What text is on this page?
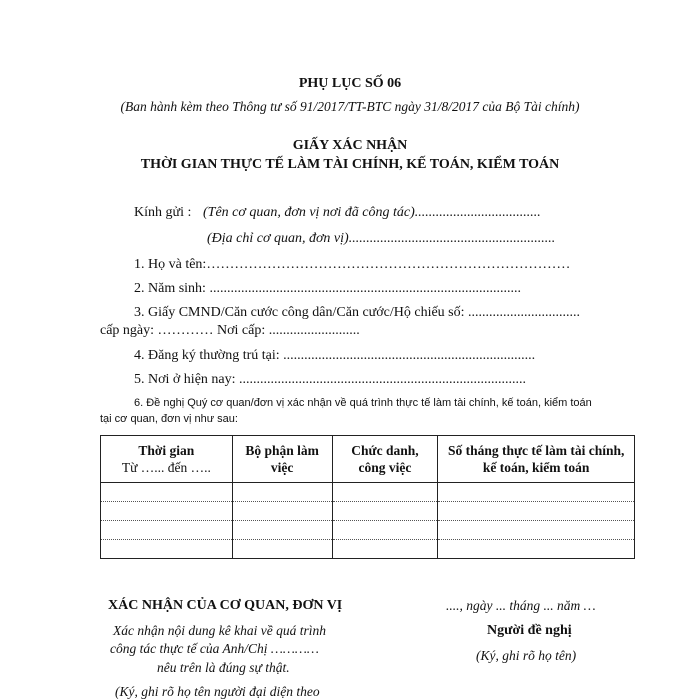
PHỤ LỤC SỐ 06
(Ban hành kèm theo Thông tư số 91/2017/TT-BTC ngày 31/8/2017 của Bộ Tài chính)
GIẤY XÁC NHẬN
THỜI GIAN THỰC TẾ LÀM TÀI CHÍNH, KẾ TOÁN, KIỂM TOÁN
Kính gửi : (Tên cơ quan, đơn vị nơi đã công tác)....................................
(Địa chỉ cơ quan, đơn vị)...........................................................
1. Họ và tên:……………………………………………………………………
2. Năm sinh: .........................................................................................
3. Giấy CMND/Căn cước công dân/Căn cước/Hộ chiếu số: ................................
cấp ngày: ………… Nơi cấp: ..........................
4. Đăng ký thường trú tại: ........................................................................
5. Nơi ở hiện nay: ..................................................................................
6. Đề nghị Quý cơ quan/đơn vị xác nhận về quá trình thực tế làm tài chính, kế toán, kiểm toán
tại cơ quan, đơn vị như sau:
Thời gian
Từ …... đến …..	Bộ phận làm việc	Chức danh, công việc	Số tháng thực tế làm tài chính, kế toán, kiểm toán

XÁC NHẬN CỦA CƠ QUAN, ĐƠN VỊ
Xác nhận nội dung kê khai về quá trình
công tác thực tế của Anh/Chị …………
nêu trên là đúng sự thật.
(Ký, ghi rõ họ tên người đại diện theo
...., ngày ... tháng ... năm …
Người đề nghị
(Ký, ghi rõ họ tên)
